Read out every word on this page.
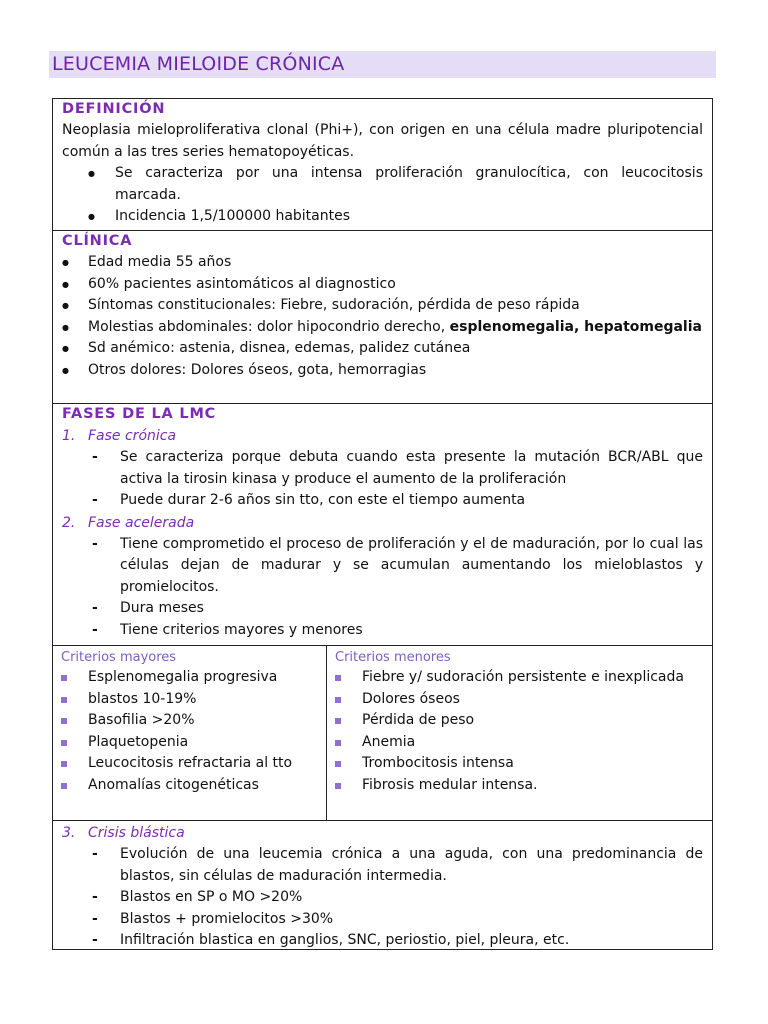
LEUCEMIA MIELOIDE CRÓNICA
DEFINICIÓN

Neoplasia mieloproliferativa clonal (Phi+), con origen en una célula madre pluripotencial común a las tres series hematopoyéticas.

● Se caracteriza por una intensa proliferación granulocítica, con leucocitosis marcada.
● Incidencia 1,5/100000 habitantes
CLÍNICA
● Edad media 55 años
● 60% pacientes asintomáticos al diagnostico
● Síntomas constitucionales: Fiebre, sudoración, pérdida de peso rápida
● Molestias abdominales: dolor hipocondrio derecho, esplenomegalia, hepatomegalia
● Sd anémico: astenia, disnea, edemas, palidez cutánea
● Otros dolores: Dolores óseos, gota, hemorragias
FASES DE LA LMC
1. Fase crónica
- Se caracteriza porque debuta cuando esta presente la mutación BCR/ABL que activa la tirosin kinasa y produce el aumento de la proliferación
- Puede durar 2-6 años sin tto, con este el tiempo aumenta
2. Fase acelerada
- Tiene comprometido el proceso de proliferación y el de maduración, por lo cual las células dejan de madurar y se acumulan aumentando los mieloblastos y promielocitos.
- Dura meses
- Tiene criterios mayores y menores
Criterios mayores
Esplenomegalia progresiva
blastos 10-19%
Basofilia >20%
Plaquetopenia
Leucocitosis refractaria al tto
Anomalías citogenéticas
Criterios menores
Fiebre y/ sudoración persistente e inexplicada
Dolores óseos
Pérdida de peso
Anemia
Trombocitosis intensa
Fibrosis medular intensa.
3. Crisis blástica
- Evolución de una leucemia crónica a una aguda, con una predominancia de blastos, sin células de maduración intermedia.
- Blastos en SP o MO >20%
- Blastos + promielocitos >30%
- Infiltración blastica en ganglios, SNC, periostio, piel, pleura, etc.
